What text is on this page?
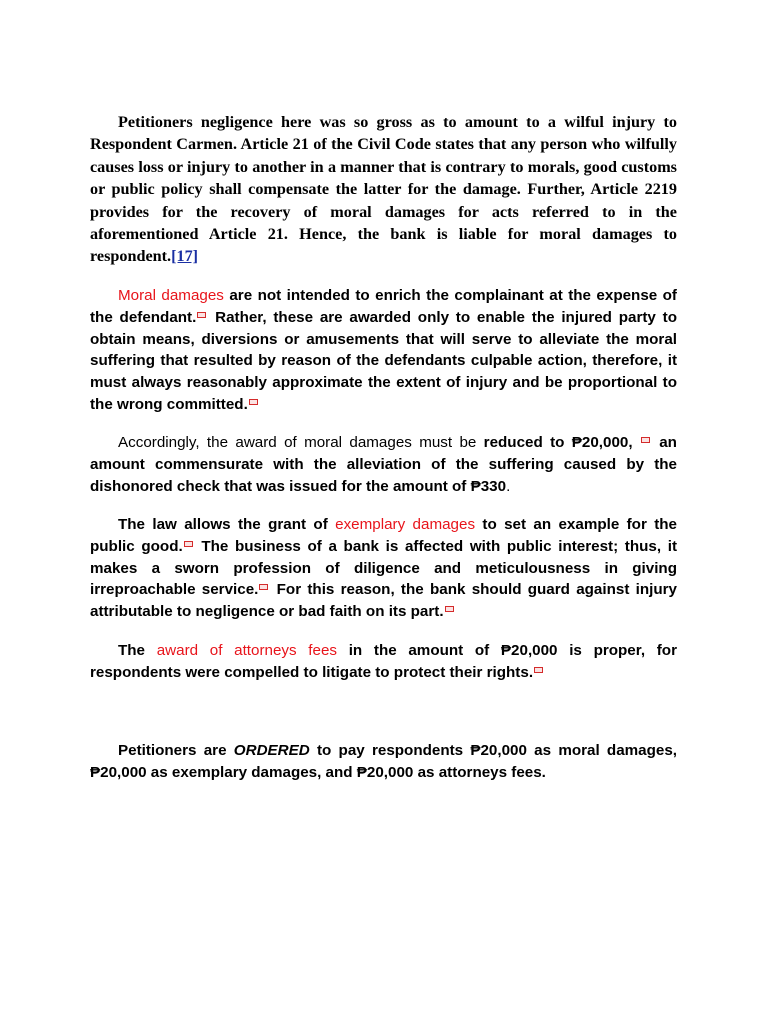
Petitioners negligence here was so gross as to amount to a wilful injury to Respondent Carmen. Article 21 of the Civil Code states that any person who wilfully causes loss or injury to another in a manner that is contrary to morals, good customs or public policy shall compensate the latter for the damage. Further, Article 2219 provides for the recovery of moral damages for acts referred to in the aforementioned Article 21. Hence, the bank is liable for moral damages to respondent.[17]

Moral damages are not intended to enrich the complainant at the expense of the defendant. Rather, these are awarded only to enable the injured party to obtain means, diversions or amusements that will serve to alleviate the moral suffering that resulted by reason of the defendants culpable action, therefore, it must always reasonably approximate the extent of injury and be proportional to the wrong committed.

Accordingly, the award of moral damages must be reduced to ₱20,000,  an amount commensurate with the alleviation of the suffering caused by the dishonored check that was issued for the amount of ₱330.

The law allows the grant of exemplary damages to set an example for the public good. The business of a bank is affected with public interest; thus, it makes a sworn profession of diligence and meticulousness in giving irreproachable service. For this reason, the bank should guard against injury attributable to negligence or bad faith on its part.

The award of attorneys fees in the amount of ₱20,000 is proper, for respondents were compelled to litigate to protect their rights.

Petitioners are ORDERED to pay respondents ₱20,000 as moral damages, ₱20,000 as exemplary damages, and ₱20,000 as attorneys fees.
